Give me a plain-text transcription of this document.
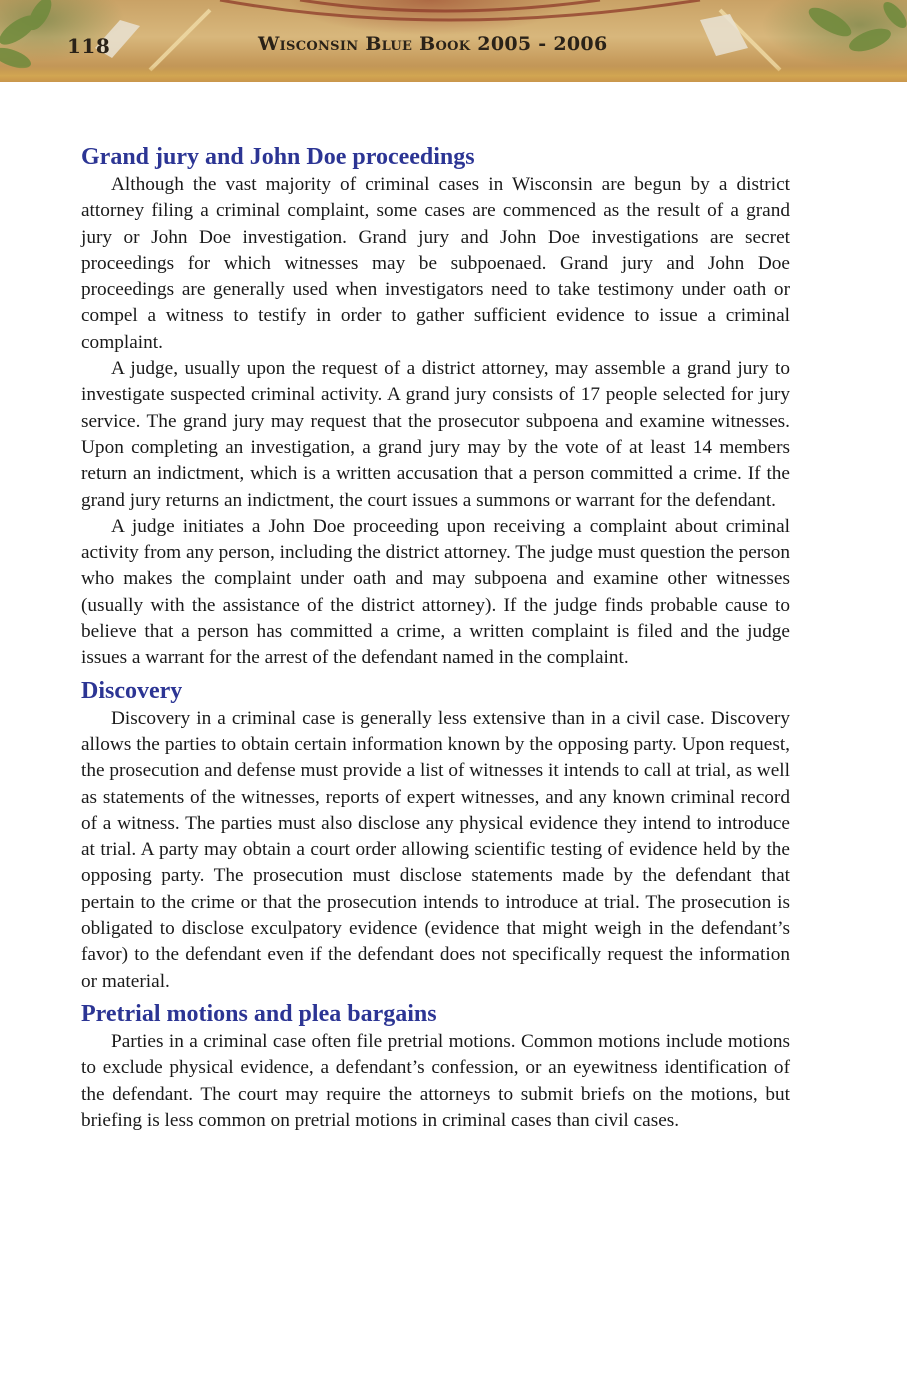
118	Wisconsin Blue Book 2005 - 2006
Grand jury and John Doe proceedings

Although the vast majority of criminal cases in Wisconsin are begun by a district attorney filing a criminal complaint, some cases are commenced as the result of a grand jury or John Doe investigation. Grand jury and John Doe investigations are secret proceedings for which witnesses may be subpoenaed. Grand jury and John Doe proceedings are generally used when investigators need to take testimony under oath or compel a witness to testify in order to gather sufficient evidence to issue a criminal complaint.

A judge, usually upon the request of a district attorney, may assemble a grand jury to investigate suspected criminal activity. A grand jury consists of 17 people selected for jury service. The grand jury may request that the prosecutor subpoena and examine witnesses. Upon completing an investigation, a grand jury may by the vote of at least 14 members return an indictment, which is a written accusation that a person committed a crime. If the grand jury returns an indictment, the court issues a summons or warrant for the defendant.

A judge initiates a John Doe proceeding upon receiving a complaint about criminal activity from any person, including the district attorney. The judge must question the person who makes the complaint under oath and may subpoena and examine other witnesses (usually with the assistance of the district attorney). If the judge finds probable cause to believe that a person has committed a crime, a written complaint is filed and the judge issues a warrant for the arrest of the defendant named in the complaint.

Discovery

Discovery in a criminal case is generally less extensive than in a civil case. Discovery allows the parties to obtain certain information known by the opposing party. Upon request, the prosecution and defense must provide a list of witnesses it intends to call at trial, as well as statements of the witnesses, reports of expert witnesses, and any known criminal record of a witness. The parties must also disclose any physical evidence they intend to introduce at trial. A party may obtain a court order allowing scientific testing of evidence held by the opposing party. The prosecution must disclose statements made by the defendant that pertain to the crime or that the prosecution intends to introduce at trial. The prosecution is obligated to disclose exculpatory evidence (evidence that might weigh in the defendant’s favor) to the defendant even if the defendant does not specifically request the information or material.

Pretrial motions and plea bargains

Parties in a criminal case often file pretrial motions. Common motions include motions to exclude physical evidence, a defendant’s confession, or an eyewitness identification of the defendant. The court may require the attorneys to submit briefs on the motions, but briefing is less common on pretrial motions in criminal cases than civil cases.
